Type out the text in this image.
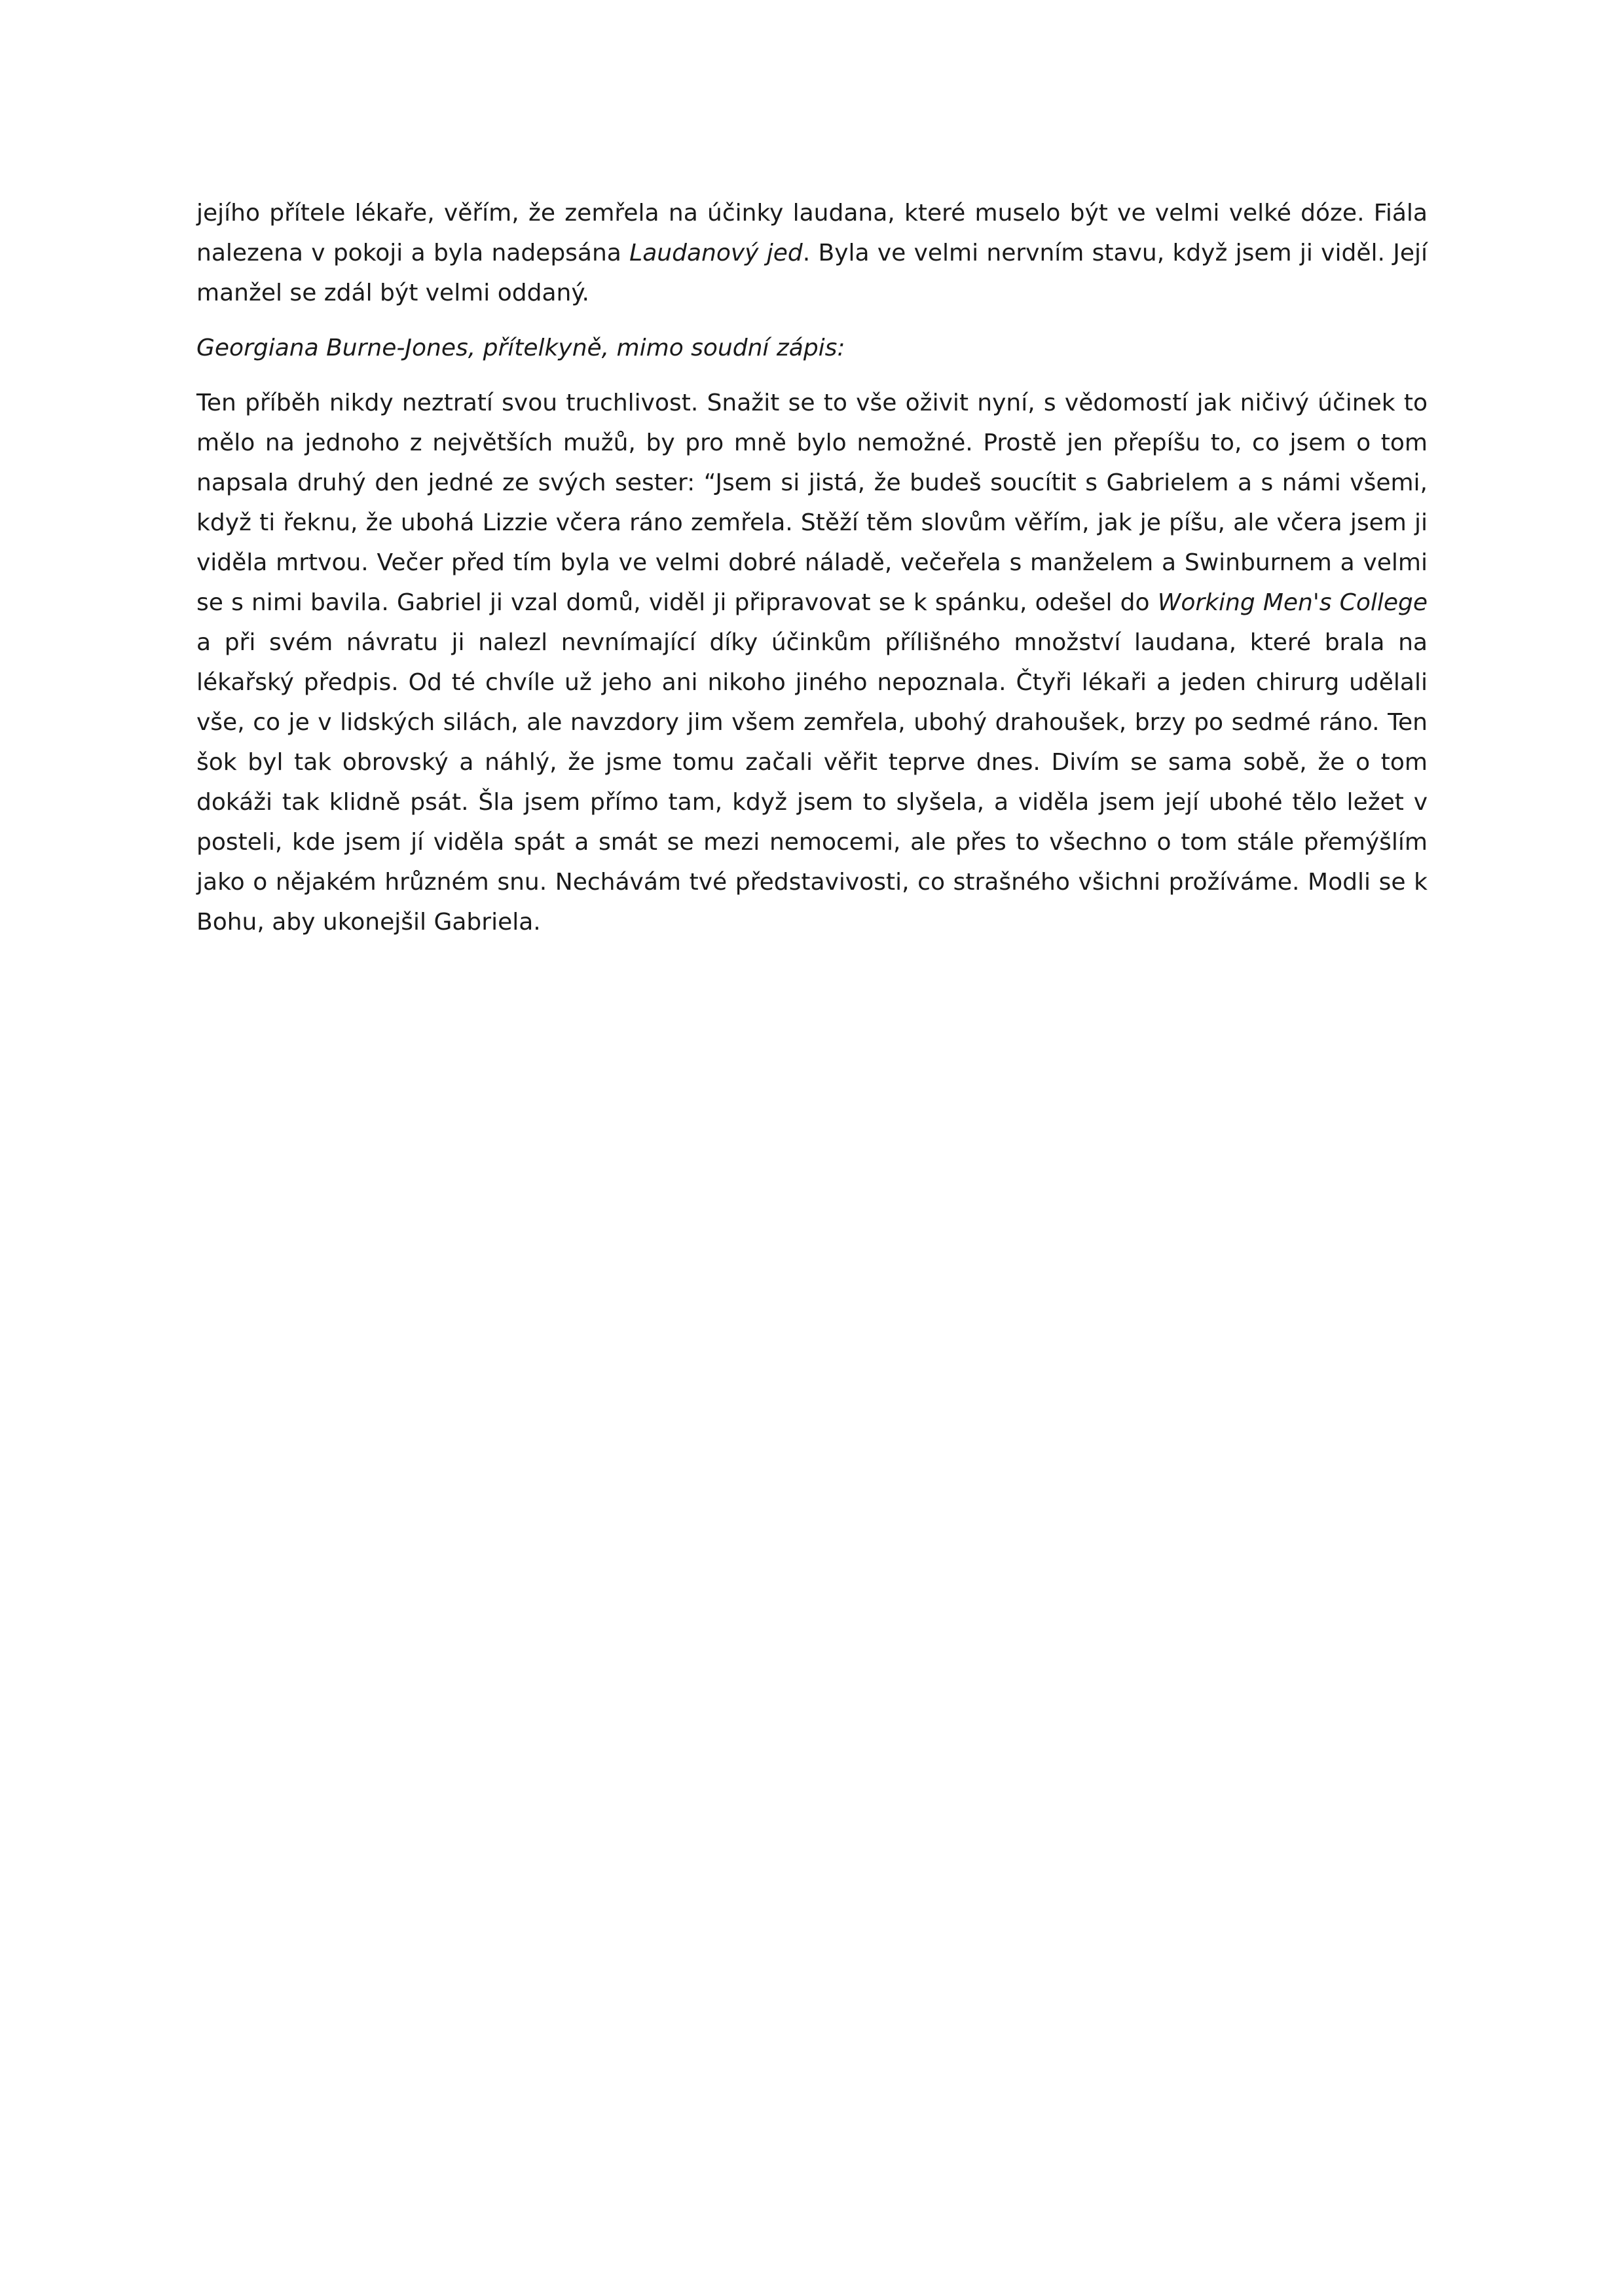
jejího přítele lékaře, věřím, že zemřela na účinky laudana, které muselo být ve velmi velké dóze. Fiála nalezena v pokoji a byla nadepsána Laudanový jed. Byla ve velmi nervním stavu, když jsem ji viděl. Její manžel se zdál být velmi oddaný.

Georgiana Burne-Jones, přítelkyně, mimo soudní zápis:

Ten příběh nikdy neztratí svou truchlivost. Snažit se to vše oživit nyní, s vědomostí jak ničivý účinek to mělo na jednoho z největších mužů, by pro mně bylo nemožné. Prostě jen přepíšu to, co jsem o tom napsala druhý den jedné ze svých sester: “Jsem si jistá, že budeš soucítit s Gabrielem a s námi všemi, když ti řeknu, že ubohá Lizzie včera ráno zemřela. Stěží těm slovům věřím, jak je píšu, ale včera jsem ji viděla mrtvou. Večer před tím byla ve velmi dobré náladě, večeřela s manželem a Swinburnem a velmi se s nimi bavila. Gabriel ji vzal domů, viděl ji připravovat se k spánku, odešel do Working Men's College a při svém návratu ji nalezl nevnímající díky účinkům přílišného množství laudana, které brala na lékařský předpis. Od té chvíle už jeho ani nikoho jiného nepoznala. Čtyři lékaři a jeden chirurg udělali vše, co je v lidských silách, ale navzdory jim všem zemřela, ubohý drahoušek, brzy po sedmé ráno. Ten šok byl tak obrovský a náhlý, že jsme tomu začali věřit teprve dnes. Divím se sama sobě, že o tom dokáži tak klidně psát. Šla jsem přímo tam, když jsem to slyšela, a viděla jsem její ubohé tělo ležet v posteli, kde jsem jí viděla spát a smát se mezi nemocemi, ale přes to všechno o tom stále přemýšlím jako o nějakém hrůzném snu. Nechávám tvé představivosti, co strašného všichni prožíváme. Modli se k Bohu, aby ukonejšil Gabriela.
